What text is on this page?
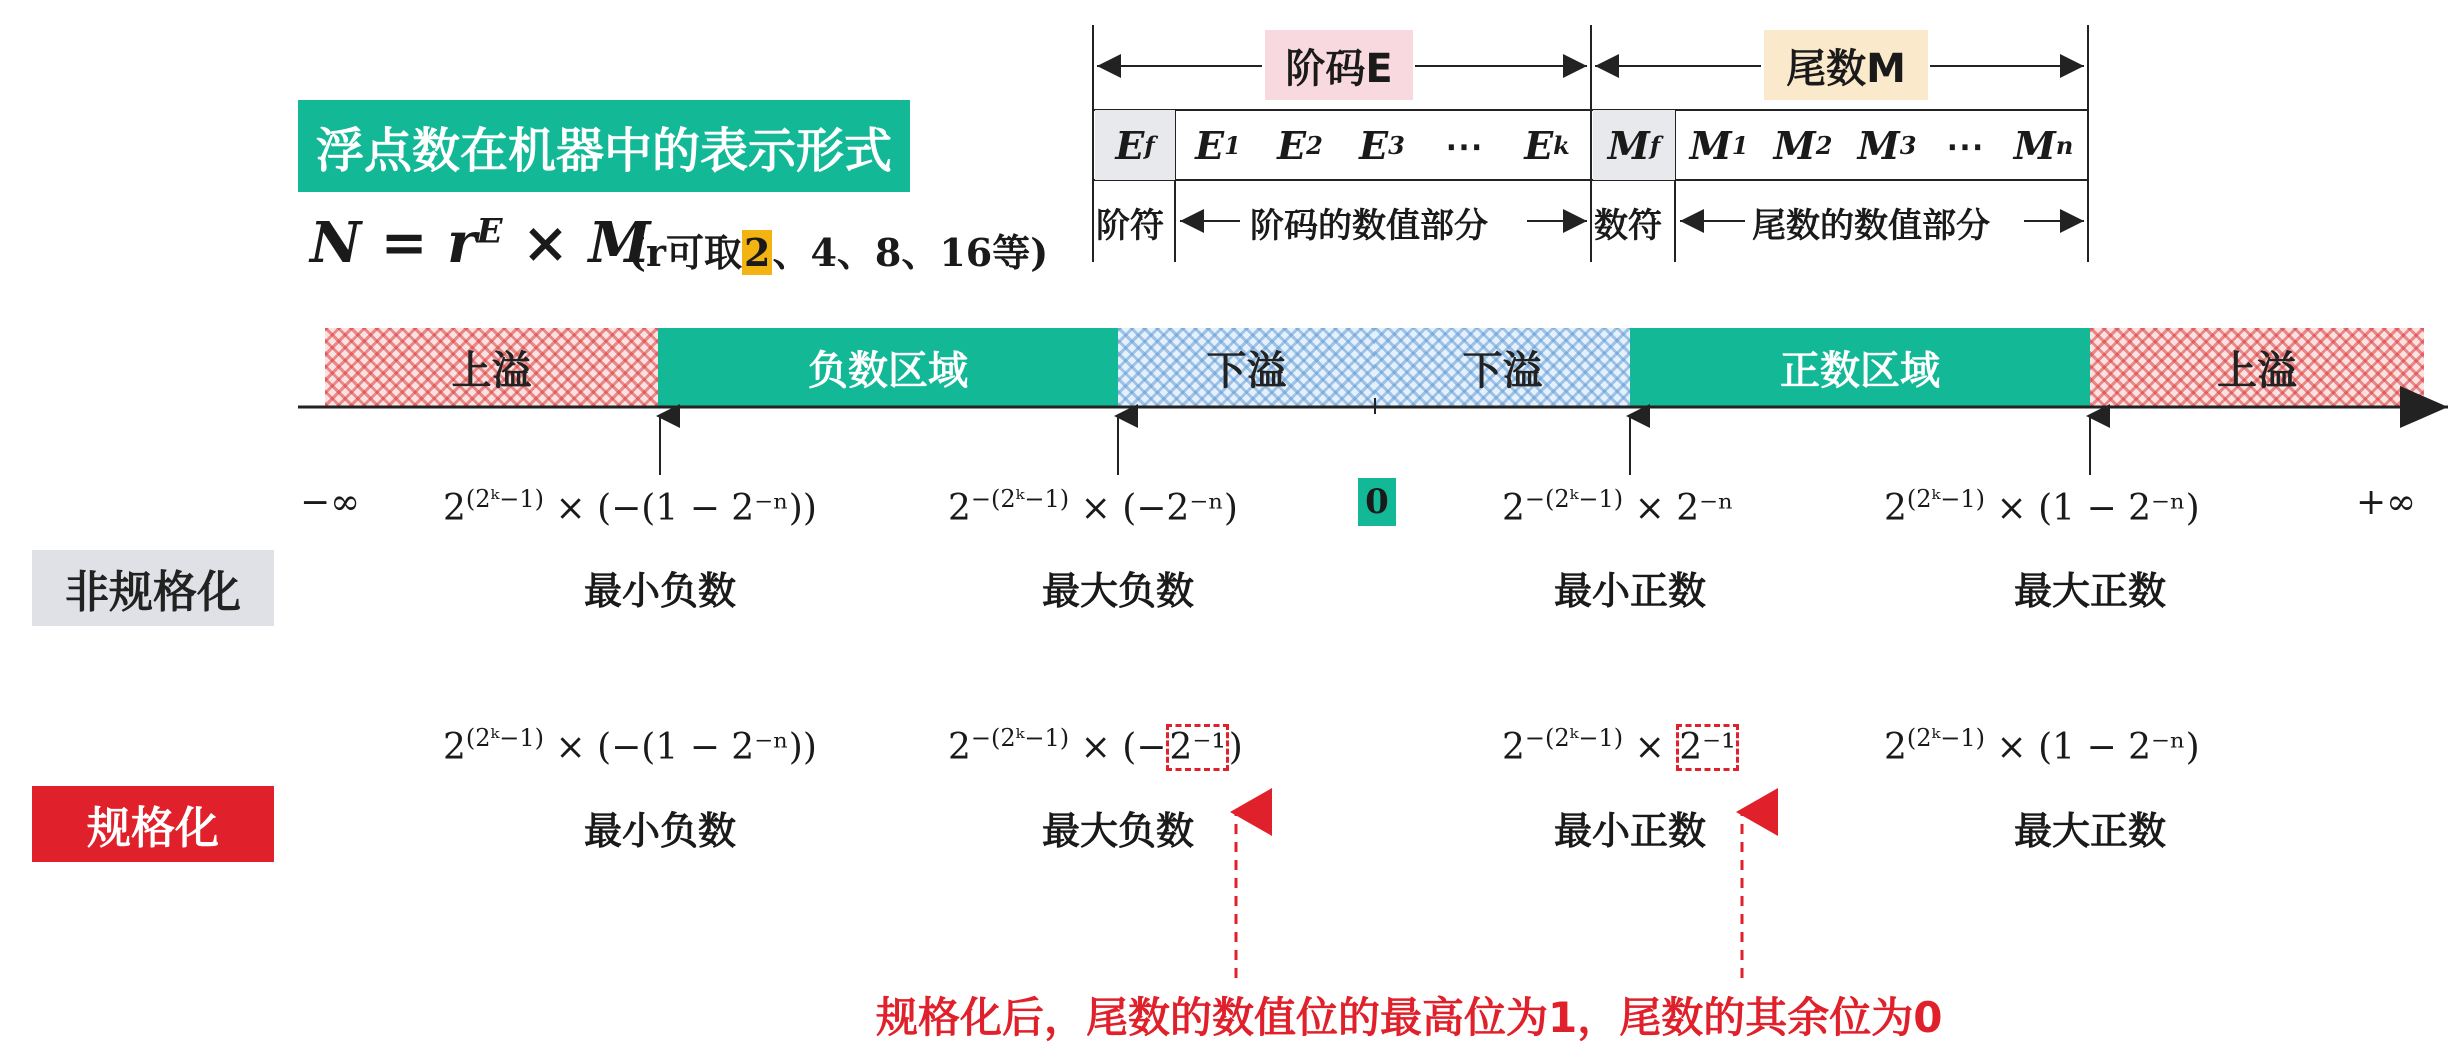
浮点数在机器中的表示形式
$N = r^E \times M$
(r可取2、4、8、16等)
阶码E	尾数M
E f E 1 E 2 E 3 ⋯ E k M f M 1 M 2 M 3 ⋯ M n
阶符	阶码的数值部分	数符	尾数的数值部分
上溢	负数区域	下溢	下溢	正数区域	上溢
−∞	+∞
0
非规格化
$2^{(2ᵏ-1)} \times (-(1 - 2^{-n}))$	$2^{-(2ᵏ-1)} \times (-2^{-n})$	$2^{-(2ᵏ-1)} \times 2^{-n}$	$2^{(2ᵏ-1)} \times (1 - 2^{-n})$
最小负数	最大负数	最小正数	最大正数
规格化
$2^{(2ᵏ-1)} \times (-(1 - 2^{-n}))$	$2^{-(2ᵏ-1)} \times (-2^{-1})$	$2^{-(2ᵏ-1)} \times 2^{-1}$	$2^{(2ᵏ-1)} \times (1 - 2^{-n})$
最小负数	最大负数	最小正数	最大正数
规格化后，尾数的数值位的最高位为1，尾数的其余位为0
